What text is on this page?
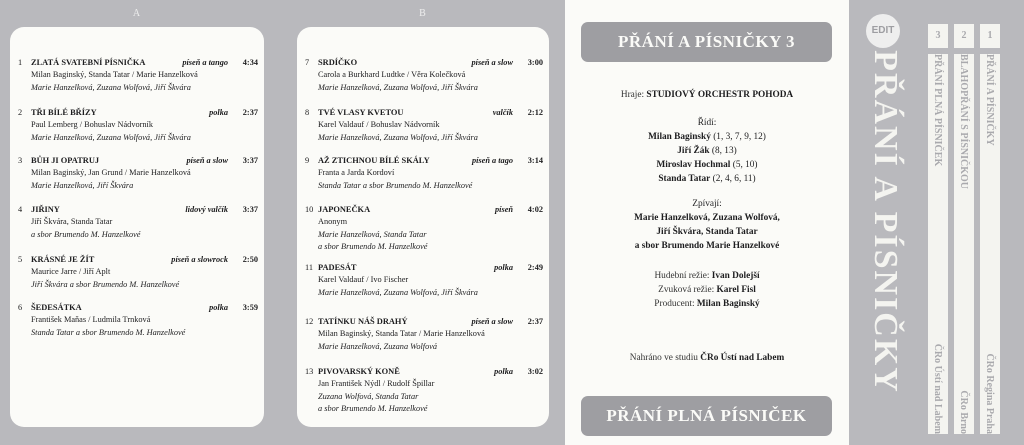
A
1	ZLATÁ SVATEBNÍ PÍSNIČKA	píseň a tango	4:34
Milan Baginský, Standa Tatar / Marie Hanzelková
Marie Hanzelková, Zuzana Wolfová, Jiří Škvára
2	TŘI BÍLÉ BŘÍZY	polka	2:37
Paul Lemberg / Bohuslav Nádvorník
Marie Hanzelková, Zuzana Wolfová, Jiří Škvára
3	BŮH JI OPATRUJ	píseň a slow	3:37
Milan Baginský, Jan Grund / Marie Hanzelková
Marie Hanzelková, Jiří Škvára
4	JIŘINY	lidový valčík	3:37
Jiří Škvára, Standa Tatar
a sbor Brumendo M. Hanzelkové
5	KRÁSNÉ JE ŽÍT	píseň a slowrock	2:50
Maurice Jarre / Jiří Aplt
Jiří Škvára a sbor Brumendo M. Hanzelkové
6	ŠEDESÁTKA	polka	3:59
František Maňas / Ludmila Trnková
Standa Tatar a sbor Brumendo M. Hanzelkové
B
7	SRDÍČKO	píseň a slow	3:00
Carola a Burkhard Ludtke / Věra Kolečková
Marie Hanzelková, Zuzana Wolfová, Jiří Škvára
8	TVÉ VLASY KVETOU	valčík	2:12
Karel Valdauf / Bohuslav Nádvorník
Marie Hanzelková, Zuzana Wolfová, Jiří Škvára
9	AŽ ZTICHNOU BÍLÉ SKÁLY	píseň a tago	3:14
Franta a Jarda Kordoví
Standa Tatar a sbor Brumendo M. Hanzelkové
10 JAPONEČKA	píseň	4:02
Anonym
Marie Hanzelková, Standa Tatar
a sbor Brumendo M. Hanzelkové
11 PADESÁT	polka	2:49
Karel Valdauf / Ivo Fischer
Marie Hanzelková, Zuzana Wolfová, Jiří Škvára
12 TATÍNKU NÁŠ DRAHÝ	píseň a slow	2:37
Milan Baginský, Standa Tatar / Marie Hanzelková
Marie Hanzelková, Zuzana Wolfová
13 PIVOVARSKÝ KONĚ	polka	3:02
Jan František Nýdl / Rudolf Špillar
Zuzana Wolfová, Standa Tatar
a sbor Brumendo M. Hanzelkové
PŘÁNÍ A PÍSNIČKY 3
Hraje: STUDIOVÝ ORCHESTR POHODA
Řídí:
Milan Baginský (1, 3, 7, 9, 12)
Jiří Žák (8, 13)
Miroslav Hochmal (5, 10)
Standa Tatar (2, 4, 6, 11)
Zpívají:
Marie Hanzelková, Zuzana Wolfová,
Jiří Škvára, Standa Tatar
a sbor Brumendo Marie Hanzelkové
Hudební režie: Ivan Dolejší
Zvuková režie: Karel Fisl
Producent: Milan Baginský
Nahráno ve studiu ČRo Ústí nad Labem
PŘÁNÍ PLNÁ PÍSNIČEK
EDIT
PŘÁNÍ A PÍSNIČKY
1
2
3
PŘÁNÍ A PÍSNIČKY
ČRo Regina Praha
BLAHOPŘÁNÍ S PÍSNIČKOU
ČRo Brno
PŘÁNÍ PLNÁ PÍSNIČEK
ČRo Ústí nad Labem
